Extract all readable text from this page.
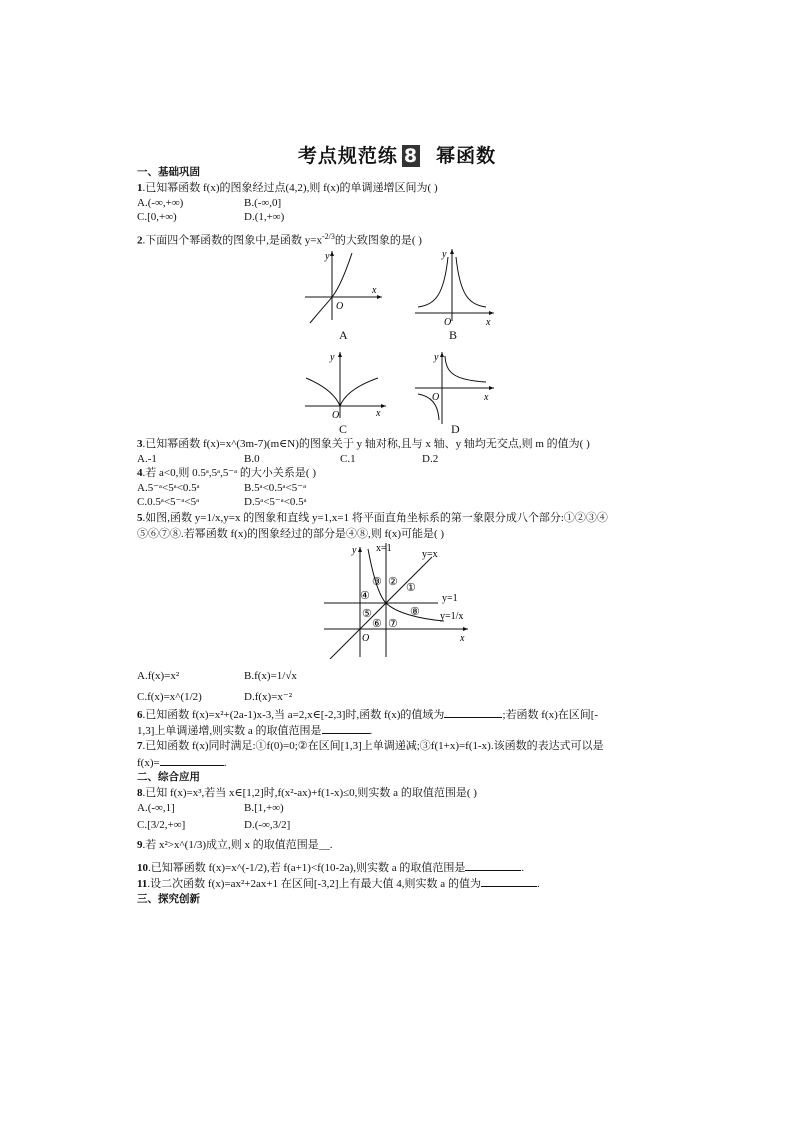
考点规范练 8 幂函数
一、基础巩固
1.已知幂函数 f(x)的图象经过点(4,2),则 f(x)的单调递增区间为( )
A.(-∞,+∞)	B.(-∞,0]
C.[0,+∞)	D.(1,+∞)
2.下面四个幂函数的图象中,是函数 $y=x^{-2/3}$的大致图象的是( )
y
x
O
A
y
x
O
B
y
x
O
C
y
x
O
D
3.已知幂函数 f(x)=x^(3m-7)(m∈N)的图象关于 y 轴对称,且与 x 轴、y 轴均无交点,则 m 的值为( )
A.-1	B.0	C.1	D.2
4.若 a<0,则 0.5ᵃ,5ᵃ,5⁻ᵃ 的大小关系是( )
A.5⁻ᵃ<5ᵃ<0.5ᵃ	B.5ᵃ<0.5ᵃ<5⁻ᵃ
C.0.5ᵃ<5⁻ᵃ<5ᵃ	D.5ᵃ<5⁻ᵃ<0.5ᵃ
5.如图,函数 y=1/x,y=x 的图象和直线 y=1,x=1 将平面直角坐标系的第一象限分成八个部分:①②③④
⑤⑥⑦⑧.若幂函数 f(x)的图象经过的部分是④⑧,则 f(x)可能是( )
y
x
O
x=1
y=x
y=1
y=1/x
①
②
③
④
⑤
⑥ ⑦
⑧
A.f(x)=x²	B.f(x)=1/√x
C.f(x)=x^(1/2)	D.f(x)=x⁻²
6.已知函数 f(x)=x²+(2a-1)x-3,当 a=2,x∈[-2,3]时,函数 f(x)的值域为	;若函数 f(x)在区间[-
1,3]上单调递增,则实数 a 的取值范围是	.
7.已知函数 f(x)同时满足:①f(0)=0;②在区间[1,3]上单调递减;③f(1+x)=f(1-x).该函数的表达式可以是
f(x)=	.
二、综合应用
8.已知 f(x)=x³,若当 x∈[1,2]时,f(x²-ax)+f(1-x)≤0,则实数 a 的取值范围是( )
A.(-∞,1]	B.[1,+∞)
C.[3/2,+∞]	D.(-∞,3/2]
9.若 x²>x^(1/3)成立,则 x 的取值范围是__.
10.已知幂函数 f(x)=x^(-1/2),若 f(a+1)<f(10-2a),则实数 a 的取值范围是	.
11.设二次函数 f(x)=ax²+2ax+1 在区间[-3,2]上有最大值 4,则实数 a 的值为	.
三、探究创新
